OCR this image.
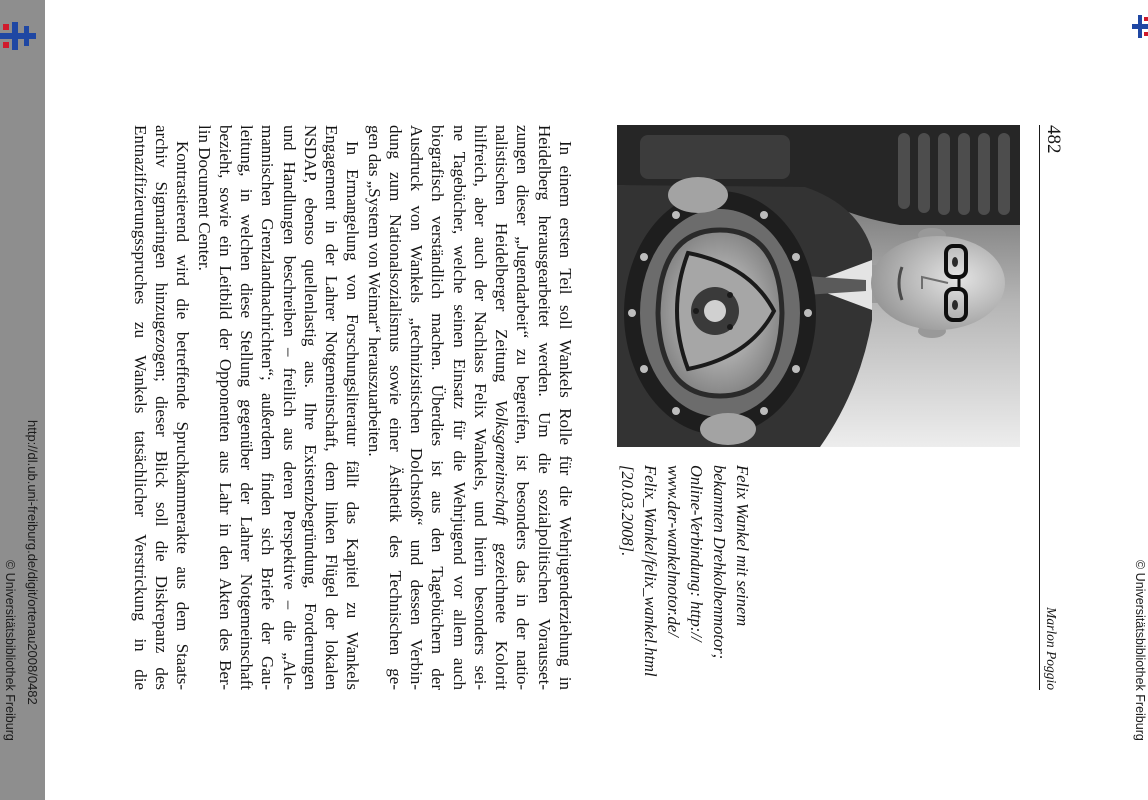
http://dl.ub.uni-freiburg.de/digit/ortenau2008/0482
© Universitätsbibliothek Freiburg	© Universitätsbibliothek Freiburg
482
Marlon Poggio
Felix Wankel mit seinem
bekannten Drehkolbenmotor;
Online-Verbindung: http://
www.der-wankelmotor.de/
Felix_Wankel/felix_wankel.html
[20.03.2008].
In einem ersten Teil soll Wankels Rolle für die Wehrjugenderziehung in
Heidelberg herausgearbeitet werden. Um die sozialpolitischen Vorausset-
zungen dieser „Jugendarbeit“ zu begreifen, ist besonders das in der natio-
nalistischen Heidelberger Zeitung Volksgemeinschaft gezeichnete Kolorit
hilfreich, aber auch der Nachlass Felix Wankels, und hierin besonders sei-
ne Tagebücher, welche seinen Einsatz für die Wehrjugend vor allem auch
biografisch verständlich machen. Überdies ist aus den Tagebüchern der
Ausdruck von Wankels „technizistischen Dolchstoß“ und dessen Verbin-
dung zum Nationalsozialismus sowie einer Ästhetik des Technischen ge-
gen das „System von Weimar“ herauszuarbeiten.
In Ermangelung von Forschungsliteratur fällt das Kapitel zu Wankels
Engagement in der Lahrer Notgemeinschaft, dem linken Flügel der lokalen
NSDAP, ebenso quellenlastig aus. Ihre Existenzbegründung, Forderungen
und Handlungen beschreiben – freilich aus deren Perspektive – die „Ale-
mannischen Grenzlandnachrichten“; außerdem finden sich Briefe der Gau-
leitung, in welchen diese Stellung gegenüber der Lahrer Notgemeinschaft
bezieht, sowie ein Leitbild der Opponenten aus Lahr in den Akten des Ber-
lin Document Center.
Kontrastierend wird die betreffende Spruchkammerakte aus dem Staats-
archiv Sigmaringen hinzugezogen; dieser Blick soll die Diskrepanz des
Entnazifizierungsspruches zu Wankels tatsächlicher Verstrickung in die
